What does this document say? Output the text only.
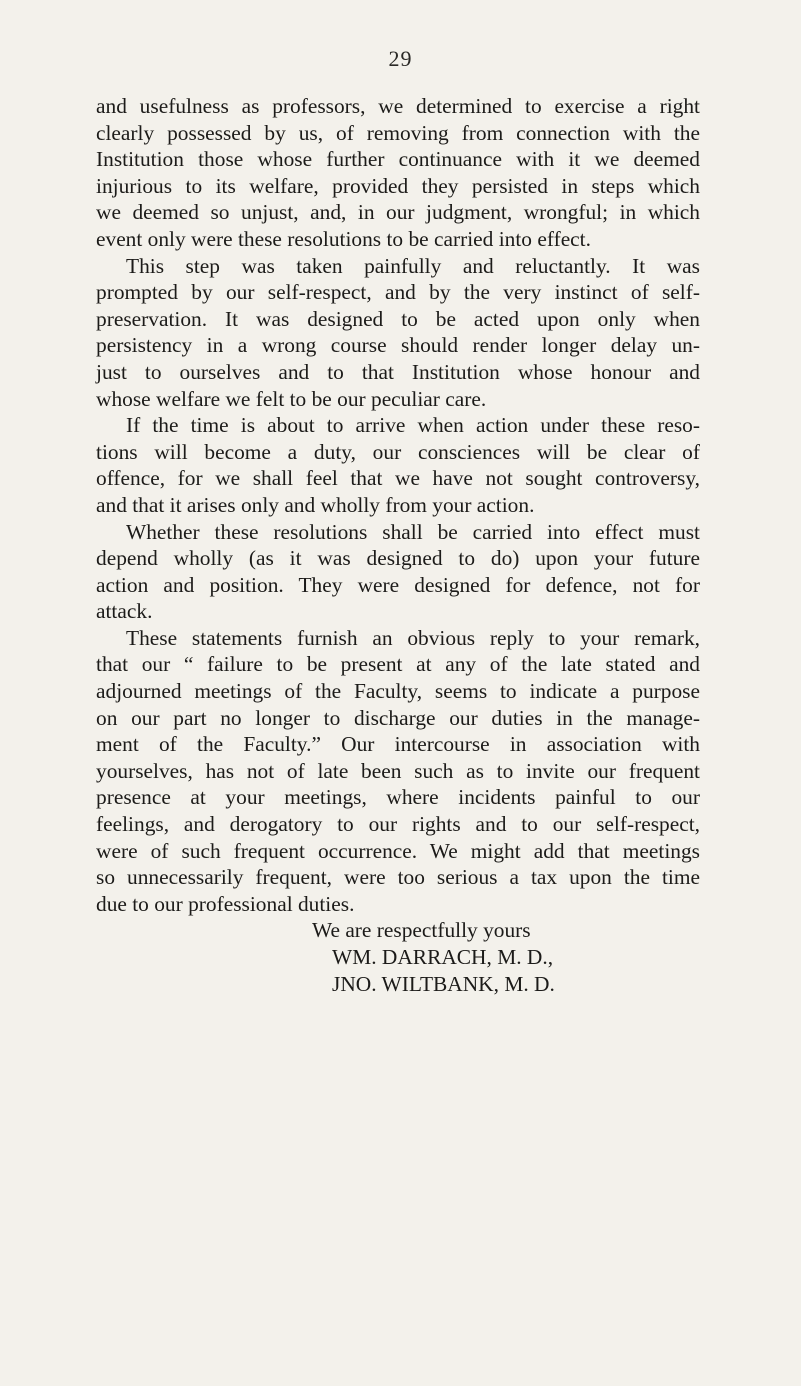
29
and usefulness as professors, we determined to exercise a right
clearly possessed by us, of removing from connection with the
Institution those whose further continuance with it we deemed
injurious to its welfare, provided they persisted in steps which
we deemed so unjust, and, in our judgment, wrongful; in which
event only were these resolutions to be carried into effect.
This step was taken painfully and reluctantly. It was
prompted by our self-respect, and by the very instinct of self-
preservation. It was designed to be acted upon only when
persistency in a wrong course should render longer delay un-
just to ourselves and to that Institution whose honour and
whose welfare we felt to be our peculiar care.
If the time is about to arrive when action under these reso-
tions will become a duty, our consciences will be clear of
offence, for we shall feel that we have not sought controversy,
and that it arises only and wholly from your action.
Whether these resolutions shall be carried into effect must
depend wholly (as it was designed to do) upon your future
action and position. They were designed for defence, not for
attack.
These statements furnish an obvious reply to your remark,
that our “ failure to be present at any of the late stated and
adjourned meetings of the Faculty, seems to indicate a purpose
on our part no longer to discharge our duties in the manage-
ment of the Faculty.” Our intercourse in association with
yourselves, has not of late been such as to invite our frequent
presence at your meetings, where incidents painful to our
feelings, and derogatory to our rights and to our self-respect,
were of such frequent occurrence. We might add that meetings
so unnecessarily frequent, were too serious a tax upon the time
due to our professional duties.
We are respectfully yours
WM. DARRACH, M. D.,
JNO. WILTBANK, M. D.
